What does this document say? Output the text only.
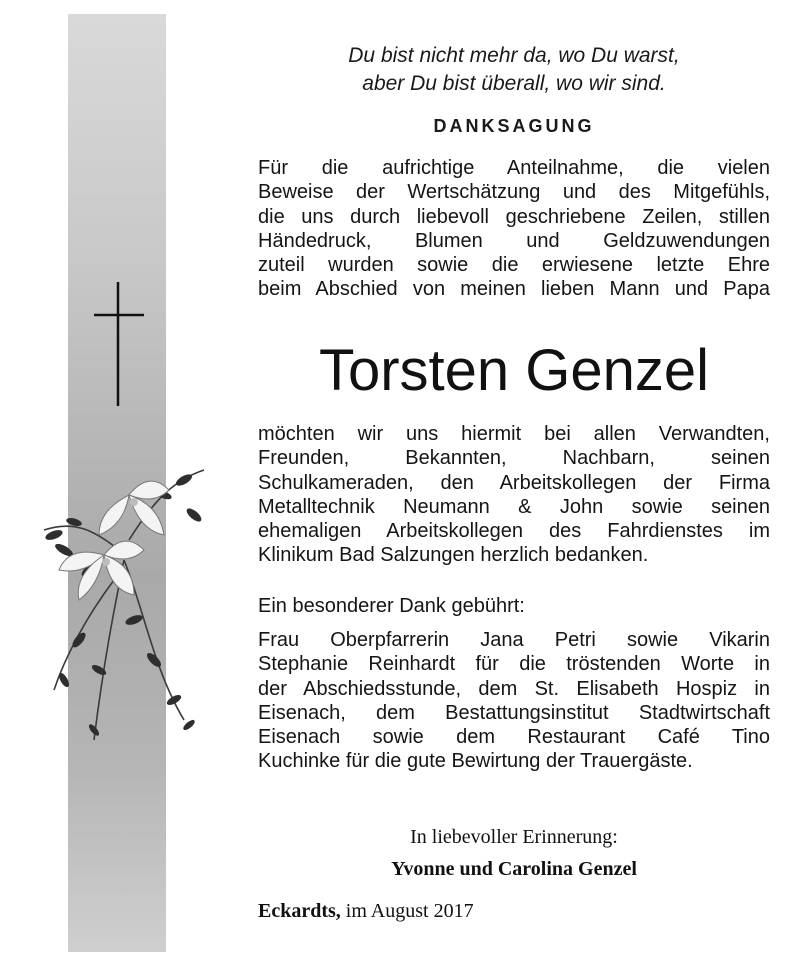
Du bist nicht mehr da, wo Du warst,
aber Du bist überall, wo wir sind.
DANKSAGUNG
Für die aufrichtige Anteilnahme, die vielen
Beweise der Wertschätzung und des Mitgefühls,
die uns durch liebevoll geschriebene Zeilen, stillen
Händedruck, Blumen und Geldzuwendungen
zuteil wurden sowie die erwiesene letzte Ehre
beim Abschied von meinen lieben Mann und Papa
Torsten Genzel
möchten wir uns hiermit bei allen Verwandten,
Freunden, Bekannten, Nachbarn, seinen
Schulkameraden, den Arbeitskollegen der Firma
Metalltechnik Neumann & John sowie seinen
ehemaligen Arbeitskollegen des Fahrdienstes im
Klinikum Bad Salzungen herzlich bedanken.
Ein besonderer Dank gebührt:
Frau Oberpfarrerin Jana Petri sowie Vikarin
Stephanie Reinhardt für die tröstenden Worte in
der Abschiedsstunde, dem St. Elisabeth Hospiz in
Eisenach, dem Bestattungsinstitut Stadtwirtschaft
Eisenach sowie dem Restaurant Café Tino
Kuchinke für die gute Bewirtung der Trauergäste.
In liebevoller Erinnerung:
Yvonne und Carolina Genzel
Eckardts, im August 2017
